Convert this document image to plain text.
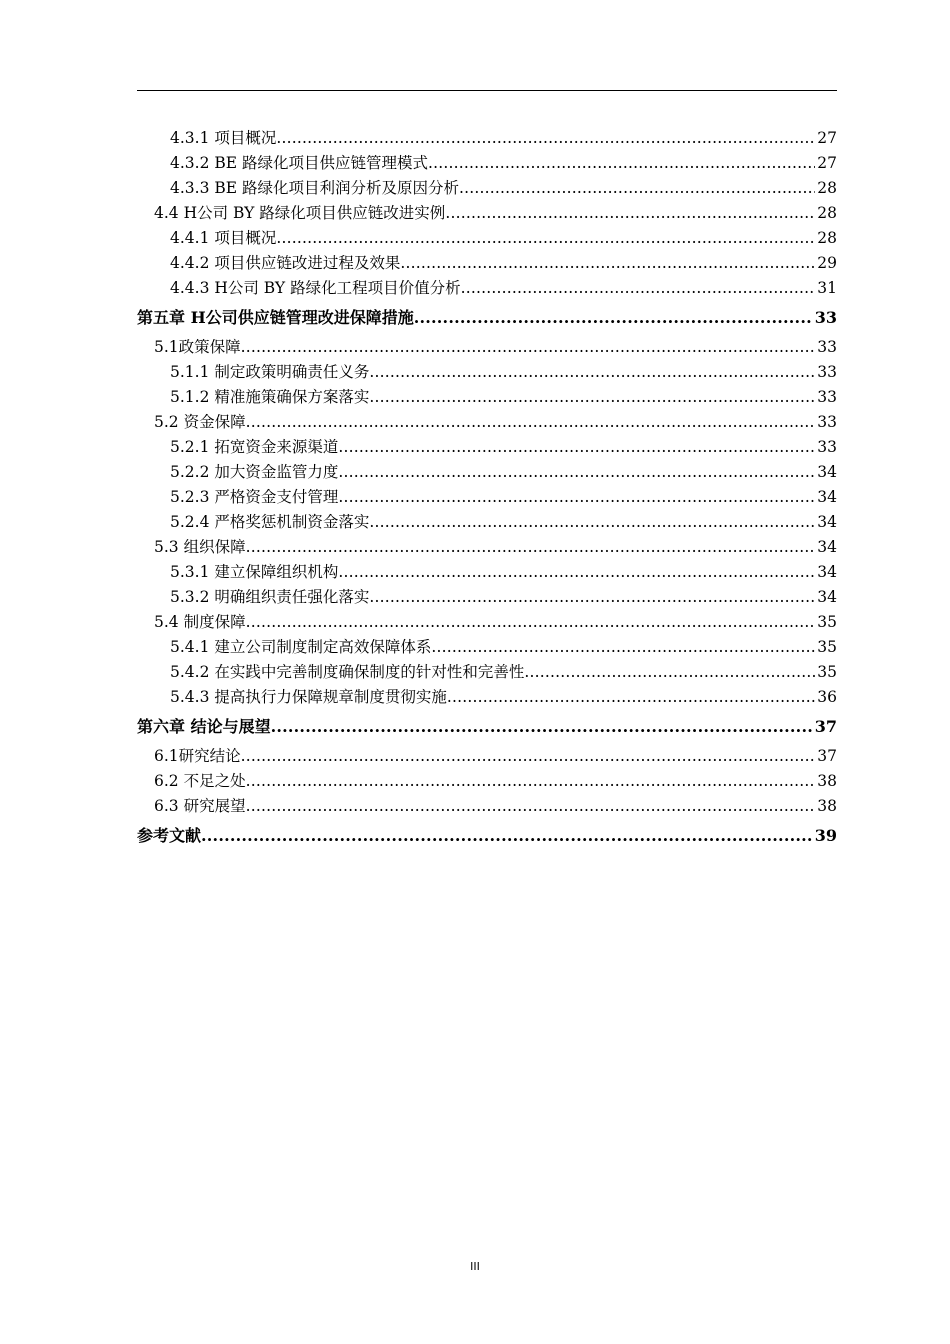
4.3.1 项目概况 .....	27
4.3.2 BE 路绿化项目供应链管理模式 .....	27
4.3.3 BE 路绿化项目利润分析及原因分析 .....	28
4.4 H公司 BY 路绿化项目供应链改进实例 .....	28
4.4.1 项目概况 .....	28
4.4.2 项目供应链改进过程及效果 .....	29
4.4.3 H公司 BY 路绿化工程项目价值分析 .....	31
第五章 H公司供应链管理改进保障措施 .....	33
5.1政策保障 .....	33
5.1.1 制定政策明确责任义务 .....	33
5.1.2 精准施策确保方案落实 .....	33
5.2 资金保障 .....	33
5.2.1 拓宽资金来源渠道 .....	33
5.2.2 加大资金监管力度 .....	34
5.2.3 严格资金支付管理 .....	34
5.2.4 严格奖惩机制资金落实 .....	34
5.3 组织保障 .....	34
5.3.1 建立保障组织机构 .....	34
5.3.2 明确组织责任强化落实 .....	34
5.4 制度保障 .....	35
5.4.1 建立公司制度制定高效保障体系 .....	35
5.4.2 在实践中完善制度确保制度的针对性和完善性 .....	35
5.4.3 提高执行力保障规章制度贯彻实施 .....	36
第六章 结论与展望 .....	37
6.1研究结论 .....	37
6.2 不足之处 .....	38
6.3 研究展望 .....	38
参考文献 .....	39
III
